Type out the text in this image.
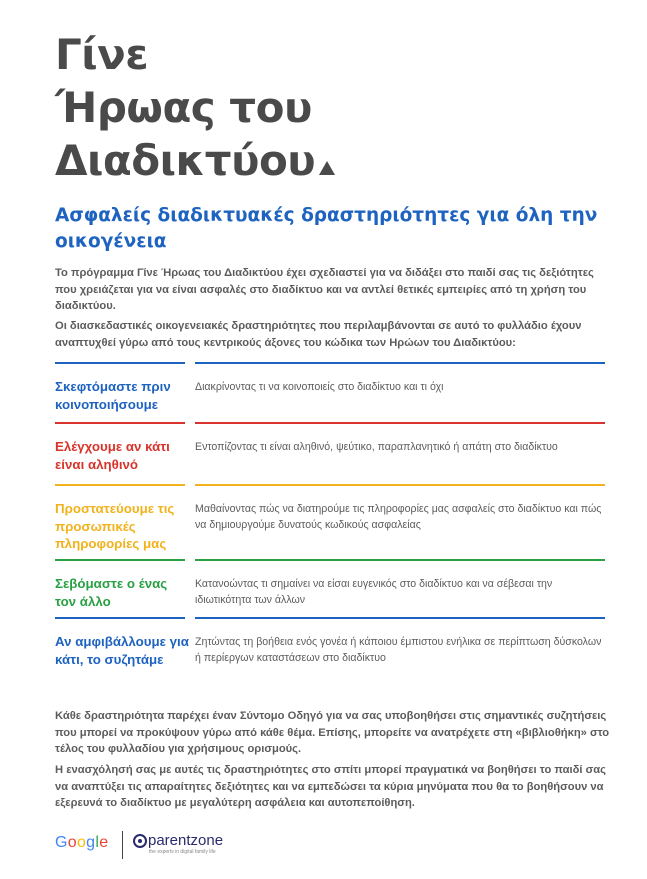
Γίνε
Ήρωας του
Διαδικτύου
Ασφαλείς διαδικτυακές δραστηριότητες για όλη την οικογένεια

Το πρόγραμμα Γίνε Ήρωας του Διαδικτύου έχει σχεδιαστεί για να διδάξει στο παιδί σας τις δεξιότητες που χρειάζεται για να είναι ασφαλές στο διαδίκτυο και να αντλεί θετικές εμπειρίες από τη χρήση του διαδικτύου.

Οι διασκεδαστικές οικογενειακές δραστηριότητες που περιλαμβάνονται σε αυτό το φυλλάδιο έχουν αναπτυχθεί γύρω από τους κεντρικούς άξονες του κώδικα των Ηρώων του Διαδικτύου:

Σκεφτόμαστε πριν κοινοποιήσουμε
Διακρίνοντας τι να κοινοποιείς στο διαδίκτυο και τι όχι
Ελέγχουμε αν κάτι είναι αληθινό
Εντοπίζοντας τι είναι αληθινό, ψεύτικο, παραπλανητικό ή απάτη στο διαδίκτυο
Προστατεύουμε τις προσωπικές πληροφορίες μας
Μαθαίνοντας πώς να διατηρούμε τις πληροφορίες μας ασφαλείς στο διαδίκτυο και πώς να δημιουργούμε δυνατούς κωδικούς ασφαλείας
Σεβόμαστε ο ένας τον άλλο
Κατανοώντας τι σημαίνει να είσαι ευγενικός στο διαδίκτυο και να σέβεσαι την ιδιωτικότητα των άλλων
Αν αμφιβάλλουμε για κάτι, το συζητάμε
Ζητώντας τη βοήθεια ενός γονέα ή κάποιου έμπιστου ενήλικα σε περίπτωση δύσκολων ή περίεργων καταστάσεων στο διαδίκτυο

Κάθε δραστηριότητα παρέχει έναν Σύντομο Οδηγό για να σας υποβοηθήσει στις σημαντικές συζητήσεις που μπορεί να προκύψουν γύρω από κάθε θέμα. Επίσης, μπορείτε να ανατρέχετε στη «βιβλιοθήκη» στο τέλος του φυλλαδίου για χρήσιμους ορισμούς.

Η ενασχόλησή σας με αυτές τις δραστηριότητες στο σπίτι μπορεί πραγματικά να βοηθήσει το παιδί σας να αναπτύξει τις απαραίτητες δεξιότητες και να εμπεδώσει τα κύρια μηνύματα που θα το βοηθήσουν να εξερευνά το διαδίκτυο με μεγαλύτερη ασφάλεια και αυτοπεποίθηση.

Google	parentzone
the experts in digital family life
